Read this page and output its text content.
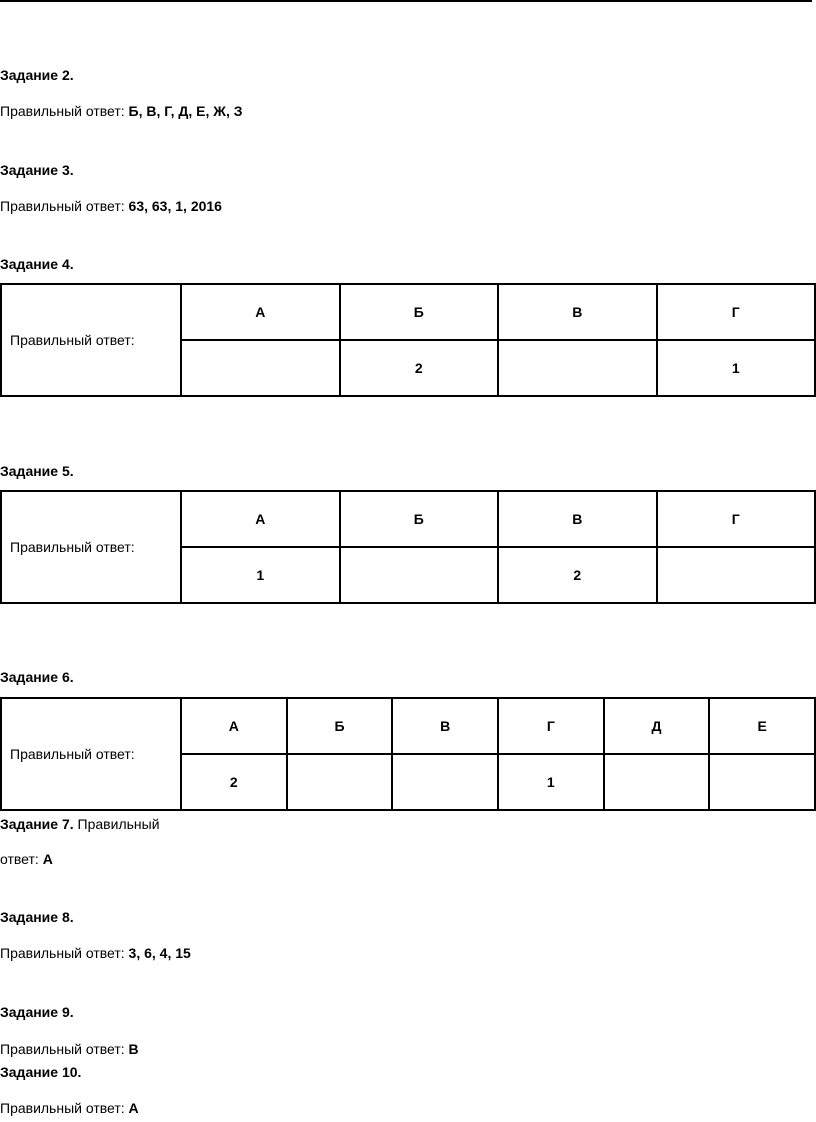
Задание 2.
Правильный ответ: Б, В, Г, Д, Е, Ж, З
Задание 3.
Правильный ответ: 63, 63, 1, 2016
Задание 4.
Правильный ответ:	А	Б	В	Г
		2		1
Задание 5.
Правильный ответ:	А	Б	В	Г
	1		2	
Задание 6.
Правильный ответ:	А	Б	В	Г	Д	Е
	2			1		
Задание 7. Правильный
ответ: А
Задание 8.
Правильный ответ: 3, 6, 4, 15
Задание 9.
Правильный ответ: В
Задание 10.
Правильный ответ: А
